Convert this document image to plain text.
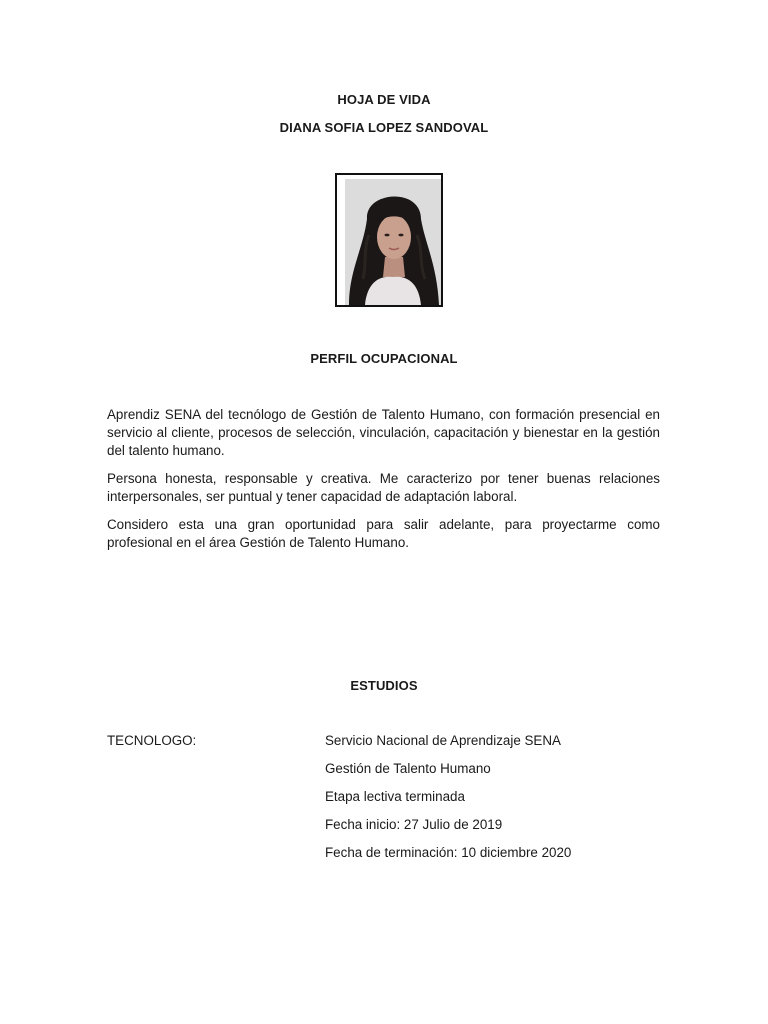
HOJA DE VIDA
DIANA SOFIA LOPEZ SANDOVAL
PERFIL OCUPACIONAL

Aprendiz SENA del tecnólogo de Gestión de Talento Humano, con formación presencial en servicio al cliente, procesos de selección, vinculación, capacitación y bienestar en la gestión del talento humano.

Persona honesta, responsable y creativa. Me caracterizo por tener buenas relaciones interpersonales, ser puntual y tener capacidad de adaptación laboral.

Considero esta una gran oportunidad para salir adelante, para proyectarme como profesional en el área Gestión de Talento Humano.

ESTUDIOS
TECNOLOGO:	Servicio Nacional de Aprendizaje SENA
Gestión de Talento Humano
Etapa lectiva terminada
Fecha inicio: 27 Julio de 2019
Fecha de terminación: 10 diciembre 2020
